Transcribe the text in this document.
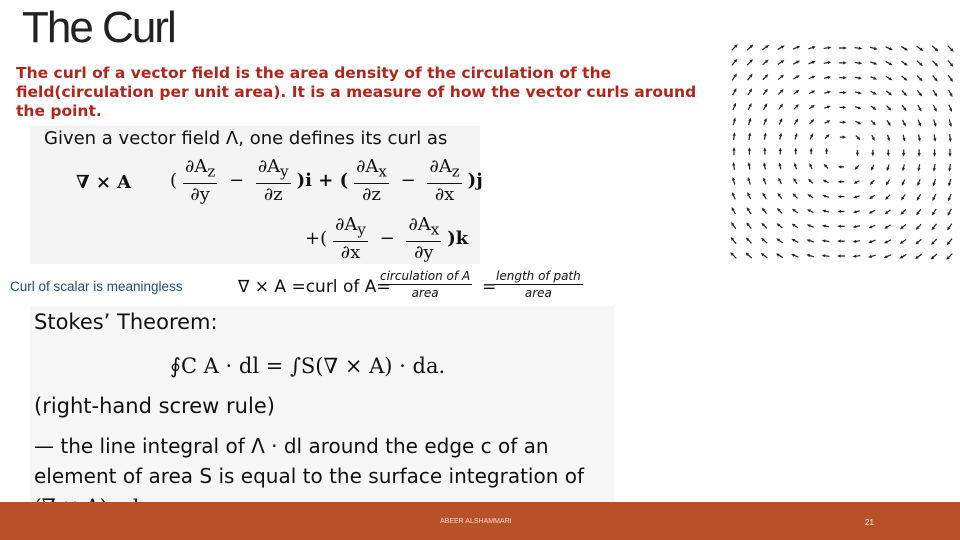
The Curl
The curl of a vector field is the area density of the circulation of the field(circulation per unit area). It is a measure of how the vector curls around the point.
Given a vector field Λ, one defines its curl as
∇ × A ( $\frac{\partial A_z}{\partial y} - \frac{\partial A_y}{\partial z} )i$ + ( $\frac{\partial A_x}{\partial z} - \frac{\partial A_z}{\partial x} )j$
+( $\frac{\partial A_y}{\partial x} - \frac{\partial A_x}{\partial y} )k$
Curl of scalar is meaningless	∇ × A =curl of A=
circulation of A
area	=
length of path
area
Stokes’ Theorem:
∮C A · dl = ∫S(∇ × A) · da.
(right-hand screw rule)
— the line integral of Λ · dl around the edge c of an
element of area S is equal to the surface integration of
ABEER ALSHAMMARI	21
